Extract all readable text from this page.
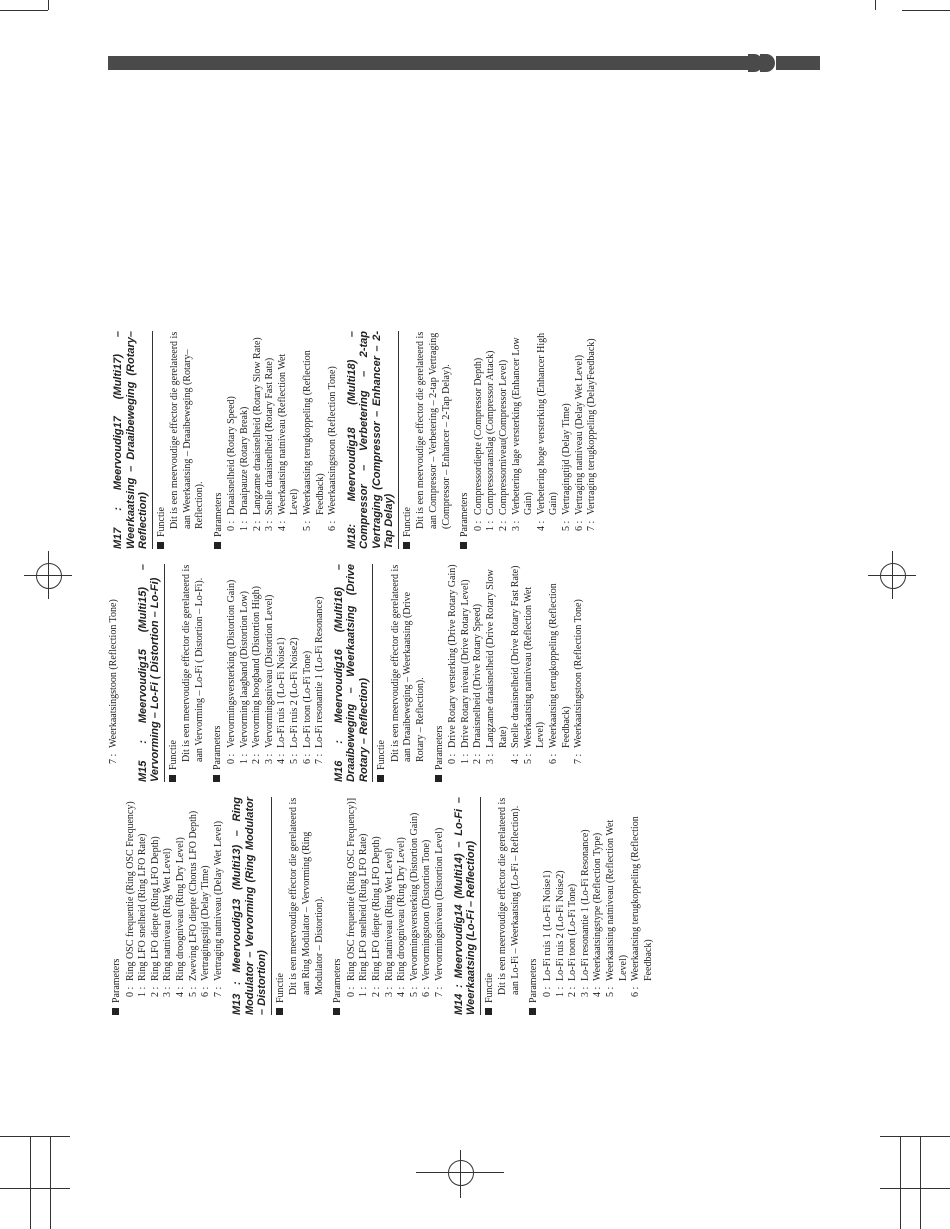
Parameters 0 :
Ring OSC frequentie (Ring OSC Frequency)
1 :
Ring LFO snelheid (Ring LFO Rate)
2 :
Ring LFO diepte (Ring LFO Depth)
3 :
Ring natniveau (Ring Wet Level)
4 :
Ring droogniveau (Ring Dry Level)
5 :
Zweving LFO diepte (Chorus LFO Depth)
6 :
Vertragingstijd (Delay Time)
7 :
Vertraging natniveau (Delay Wet Level) M13 : Meervoudig13 (Multi13) – Ring Modulator – Vervorming (Ring Modulator – Distortion) Functie Dit is een meervoudige effector die gerelateerd is aan Ring Modulator – Vervorming (Ring Modulator – Distortion). Parameters 0 :
Ring OSC frequentie (Ring OSC Frequency)]
1 :
Ring LFO snelheid (Ring LFO Rate)
2 :
Ring LFO diepte (Ring LFO Depth)
3 :
Ring natniveau (Ring Wet Level)
4 :
Ring droogniveau (Ring Dry Level)
5 :
Vervormingsversterking (Distortion Gain)
6 :
Vervormingstoon (Distortion Tone)
7 :
Vervormingsniveau (Distortion Level) M14 : Meervoudig14 (Multi14) – Lo-Fi – Weerkaatsing (Lo-Fi – Reflection) Functie Dit is een meervoudige effector die gerelateerd is aan Lo-Fi – Weerkaatsing (Lo-Fi – Reflection). Parameters 0 :
Lo-Fi ruis 1 (Lo-Fi Noise1)
1 :
Lo-Fi ruis 2 (Lo-Fi Noise2)
2 :
Lo-Fi toon (Lo-Fi Tone)
3 :
Lo-Fi resonantie 1 (Lo-Fi Resonance)
4 :
Weerkaatsingstype (Reflection Type)
5 :
Weerkaatsing natniveau (Reflection Wet Level)
6 :
Weerkaatsing terugkoppeling (Reflection Feedback)
7 :
Weerkaatsingstoon (Reflection Tone) M15 : Meervoudig15 (Multi15) – Vervorming – Lo-Fi ( Distortion – Lo-Fi) Functie Dit is een meervoudige effector die gerelateerd is aan Vervorming – Lo-Fi ( Distortion – Lo-Fi). Parameters 0 :
Vervormingsversterking (Distortion Gain)
1 :
Vervorming laagband (Distortion Low)
2 :
Vervorming hoogband (Distortion High)
3 :
Vervormingsniveau (Distortion Level)
4 :
Lo-Fi ruis 1 (Lo-Fi Noise1)
5 :
Lo-Fi ruis 2 (Lo-Fi Noise2)
6 :
Lo-Fi toon (Lo-Fi Tone)
7 :
Lo-Fi resonantie 1 (Lo-Fi Resonance) M16 : Meervoudig16 (Multi16) – Draaibeweging – Weerkaatsing (Drive Rotary – Reflection) Functie Dit is een meervoudige effector die gerelateerd is aan Draaibeweging – Weerkaatsing (Drive Rotary – Reflection). Parameters 0 :
Drive Rotary versterking (Drive Rotary Gain)
1 :
Drive Rotary niveau (Drive Rotary Level)
2 :
Draaisnelheid (Drive Rotary Speed)
3 :
Langzame draaisnelheid (Drive Rotary Slow Rate)
4 :
Snelle draaisnelheid (Drive Rotary Fast Rate)
5 :
Weerkaatsing natniveau (Reflection Wet Level)
6 :
Weerkaatsing terugkoppeling (Reflection Feedback)
7 :
Weerkaatsingstoon (Reflection Tone)
M17 : Meervoudig17 (Multi17) – Weerkaatsing – Draaibeweging (Rotary–Reflection) Functie Dit is een meervoudige effector die gerelateerd is aan Weerkaatsing – Draaibeweging (Rotary–Reflection). Parameters 0 :
Draaisnelheid (Rotary Speed)
1 :
Draaipauze (Rotary Break)
2 :
Langzame draaisnelheid (Rotary Slow Rate)
3 :
Snelle draaisnelheid (Rotary Fast Rate)
4 :
Weerkaatsing natniveau (Reflection Wet Level)
5 :
Weerkaatsing terugkoppeling (Reflection Feedback)
6 :
Weerkaatsingstoon (Reflection Tone) M18: Meervoudig18 (Multi18) – Compressor – Verbetering – 2-tap Vertraging (Compressor – Enhancer – 2-Tap Delay) Functie Dit is een meervoudige effector die gerelateerd is aan Compressor – Verbetering – 2-tap Vertraging (Compressor – Enhancer – 2-Tap Delay). Parameters 0 :
Compressordiepte (Compressor Depth)
1 :
Compressoraanslag (Compressor Attack)
2 :
Compressorniveau(Compressor Level)
3 :
Verbetering lage versterking (Enhancer Low Gain)
4 :
Verbetering hoge versterking (Enhancer High Gain)
5 :
Vertragingtijd (Delay Time)
6 :
Vertraging natniveau (Delay Wet Level)
7 :
Vertraging terugkoppeling (DelayFeedback)
